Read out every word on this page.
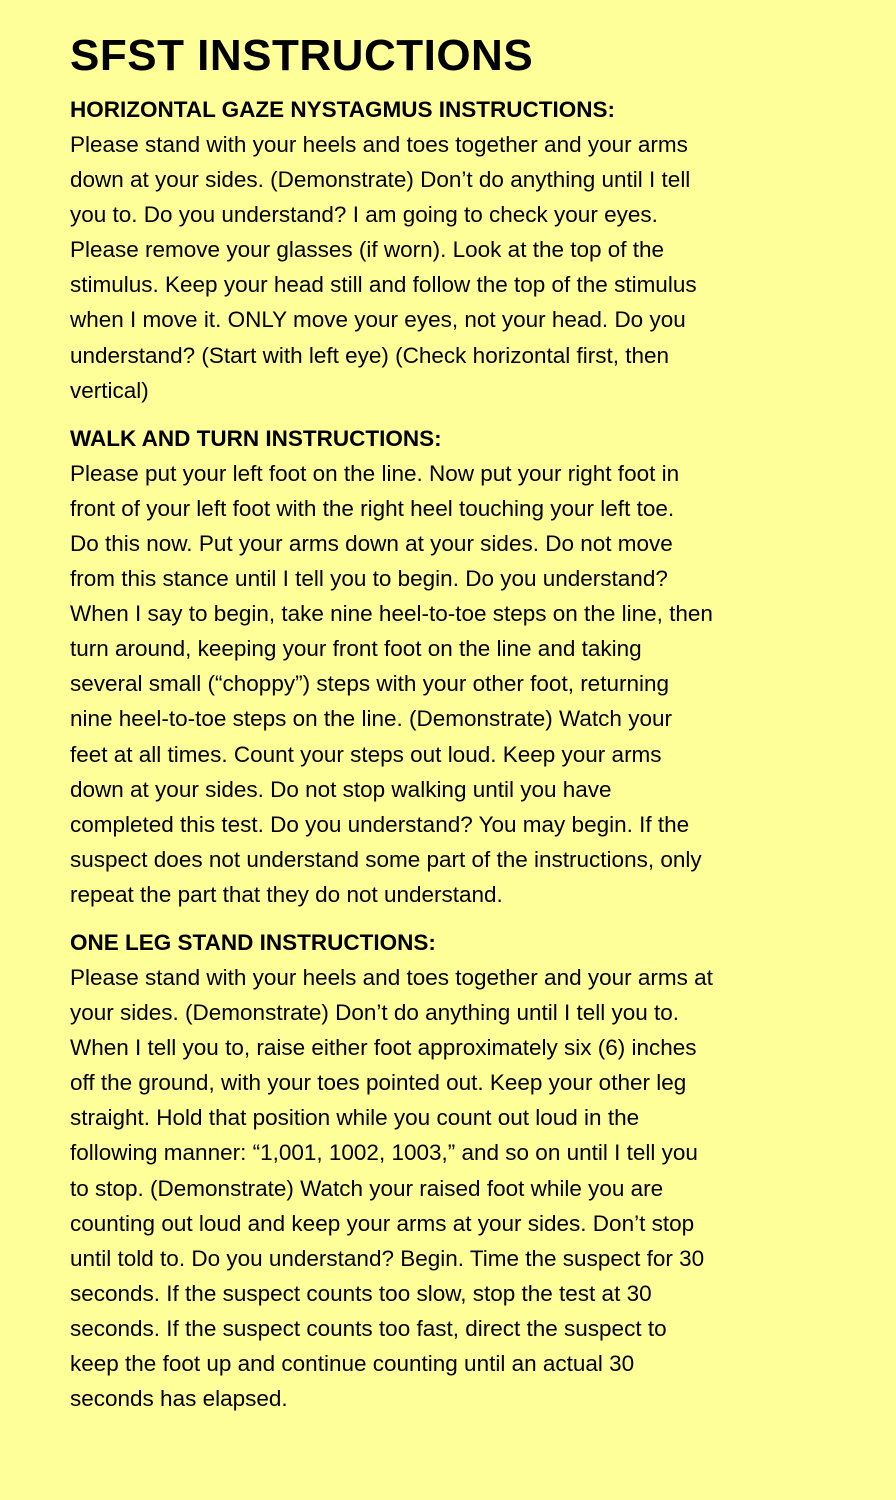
SFST INSTRUCTIONS
HORIZONTAL GAZE NYSTAGMUS INSTRUCTIONS:

Please stand with your heels and toes together and your arms
down at your sides. (Demonstrate) Don’t do anything until I tell
you to. Do you understand? I am going to check your eyes.
Please remove your glasses (if worn). Look at the top of the
stimulus. Keep your head still and follow the top of the stimulus
when I move it. ONLY move your eyes, not your head. Do you
understand? (Start with left eye) (Check horizontal first, then
vertical)

WALK AND TURN INSTRUCTIONS:

Please put your left foot on the line. Now put your right foot in
front of your left foot with the right heel touching your left toe.
Do this now. Put your arms down at your sides. Do not move
from this stance until I tell you to begin. Do you understand?
When I say to begin, take nine heel-to-toe steps on the line, then
turn around, keeping your front foot on the line and taking
several small (“choppy”) steps with your other foot, returning
nine heel-to-toe steps on the line. (Demonstrate) Watch your
feet at all times. Count your steps out loud. Keep your arms
down at your sides. Do not stop walking until you have
completed this test. Do you understand? You may begin. If the
suspect does not understand some part of the instructions, only
repeat the part that they do not understand.

ONE LEG STAND INSTRUCTIONS:

Please stand with your heels and toes together and your arms at
your sides. (Demonstrate) Don’t do anything until I tell you to.
When I tell you to, raise either foot approximately six (6) inches
off the ground, with your toes pointed out. Keep your other leg
straight. Hold that position while you count out loud in the
following manner: “1,001, 1002, 1003,” and so on until I tell you
to stop. (Demonstrate) Watch your raised foot while you are
counting out loud and keep your arms at your sides. Don’t stop
until told to. Do you understand? Begin. Time the suspect for 30
seconds. If the suspect counts too slow, stop the test at 30
seconds. If the suspect counts too fast, direct the suspect to
keep the foot up and continue counting until an actual 30
seconds has elapsed.
